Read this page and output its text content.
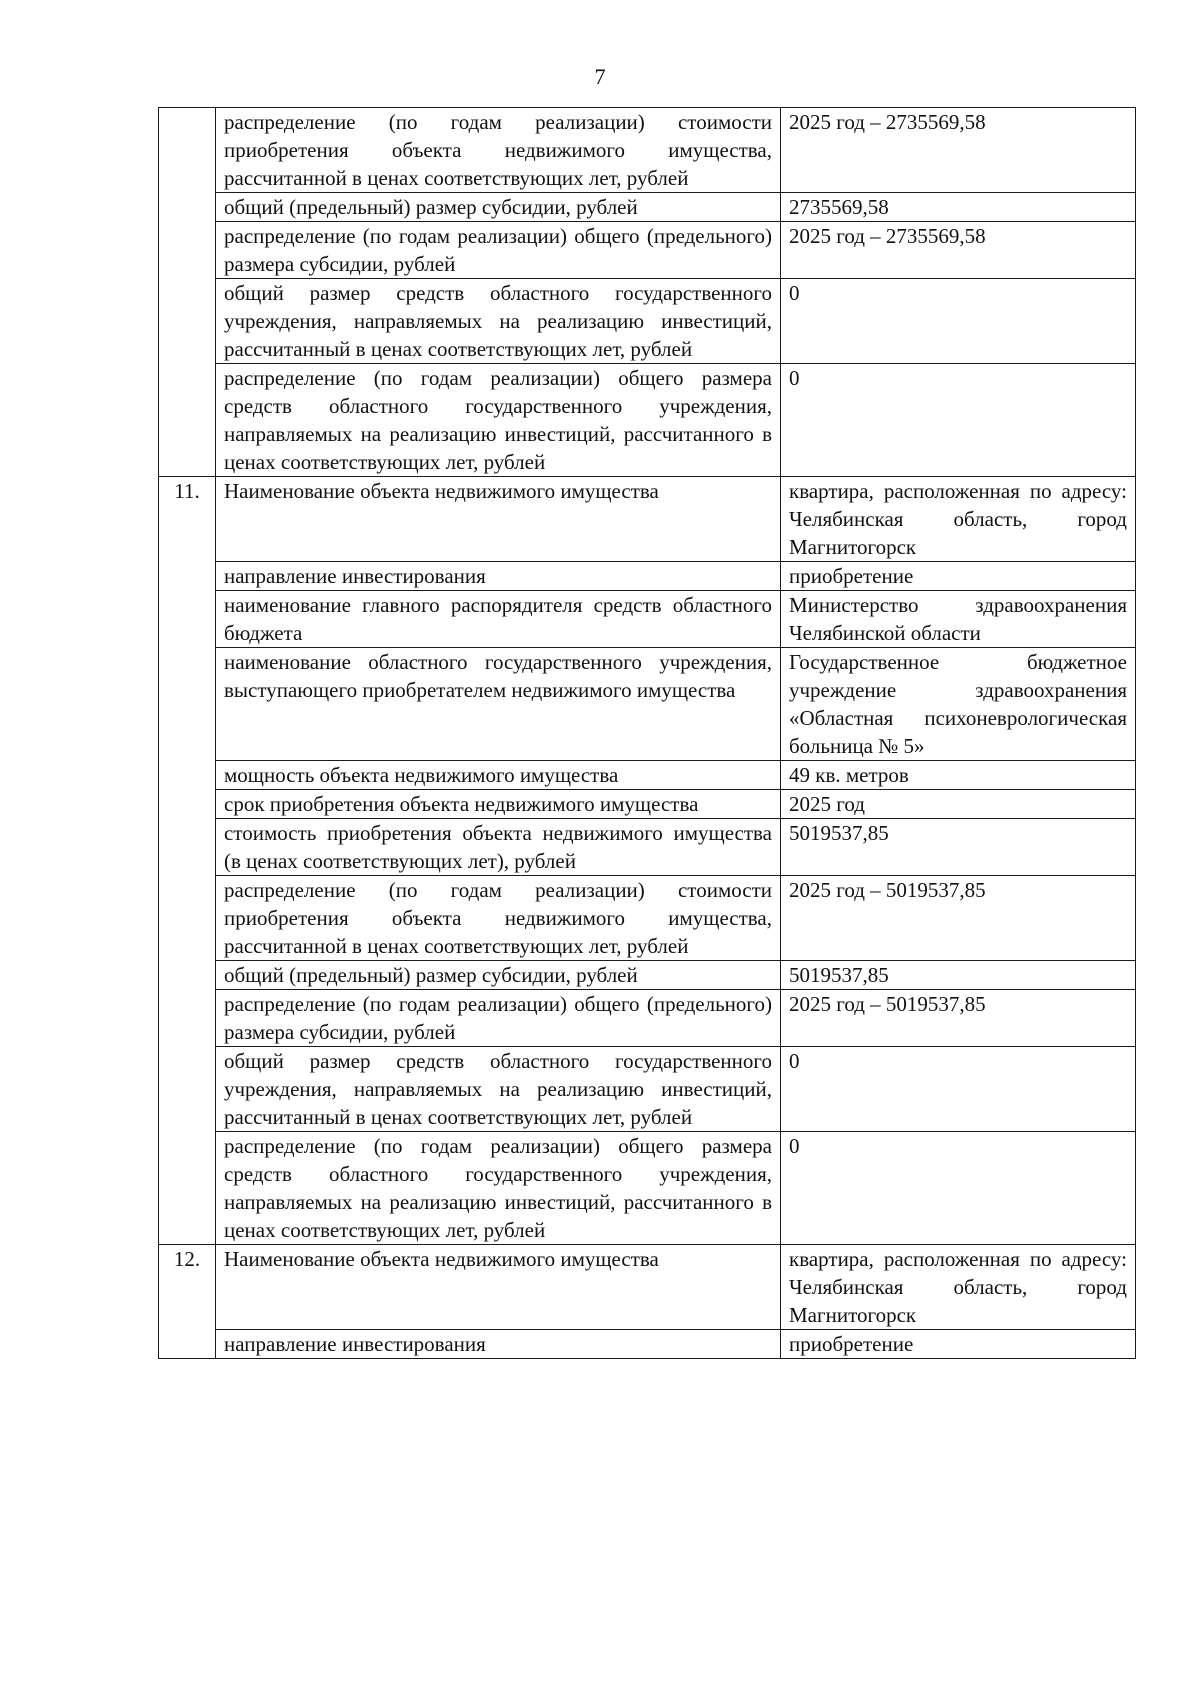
7
	распределение (по годам реализации) стоимости приобретения объекта недвижимого имущества, рассчитанной в ценах соответствующих лет, рублей	2025 год – 2735569,58
	общий (предельный) размер субсидии, рублей	2735569,58
	распределение (по годам реализации) общего (предельного) размера субсидии, рублей	2025 год – 2735569,58
	общий размер средств областного государственного учреждения, направляемых на реализацию инвестиций, рассчитанный в ценах соответствующих лет, рублей	0
	распределение (по годам реализации) общего размера средств областного государственного учреждения, направляемых на реализацию инвестиций, рассчитанного в ценах соответствующих лет, рублей	0
11.	Наименование объекта недвижимого имущества	квартира, расположенная по адресу: Челябинская область, город Магнитогорск
	направление инвестирования	приобретение
	наименование главного распорядителя средств областного бюджета	Министерство здравоохранения Челябинской области
	наименование областного государственного учреждения, выступающего приобретателем недвижимого имущества	Государственное бюджетное учреждение здравоохранения «Областная психоневрологическая больница № 5»
	мощность объекта недвижимого имущества	49 кв. метров
	срок приобретения объекта недвижимого имущества	2025 год
	стоимость приобретения объекта недвижимого имущества (в ценах соответствующих лет), рублей	5019537,85
	распределение (по годам реализации) стоимости приобретения объекта недвижимого имущества, рассчитанной в ценах соответствующих лет, рублей	2025 год – 5019537,85
	общий (предельный) размер субсидии, рублей	5019537,85
	распределение (по годам реализации) общего (предельного) размера субсидии, рублей	2025 год – 5019537,85
	общий размер средств областного государственного учреждения, направляемых на реализацию инвестиций, рассчитанный в ценах соответствующих лет, рублей	0
	распределение (по годам реализации) общего размера средств областного государственного учреждения, направляемых на реализацию инвестиций, рассчитанного в ценах соответствующих лет, рублей	0
12.	Наименование объекта недвижимого имущества	квартира, расположенная по адресу: Челябинская область, город Магнитогорск
	направление инвестирования	приобретение
